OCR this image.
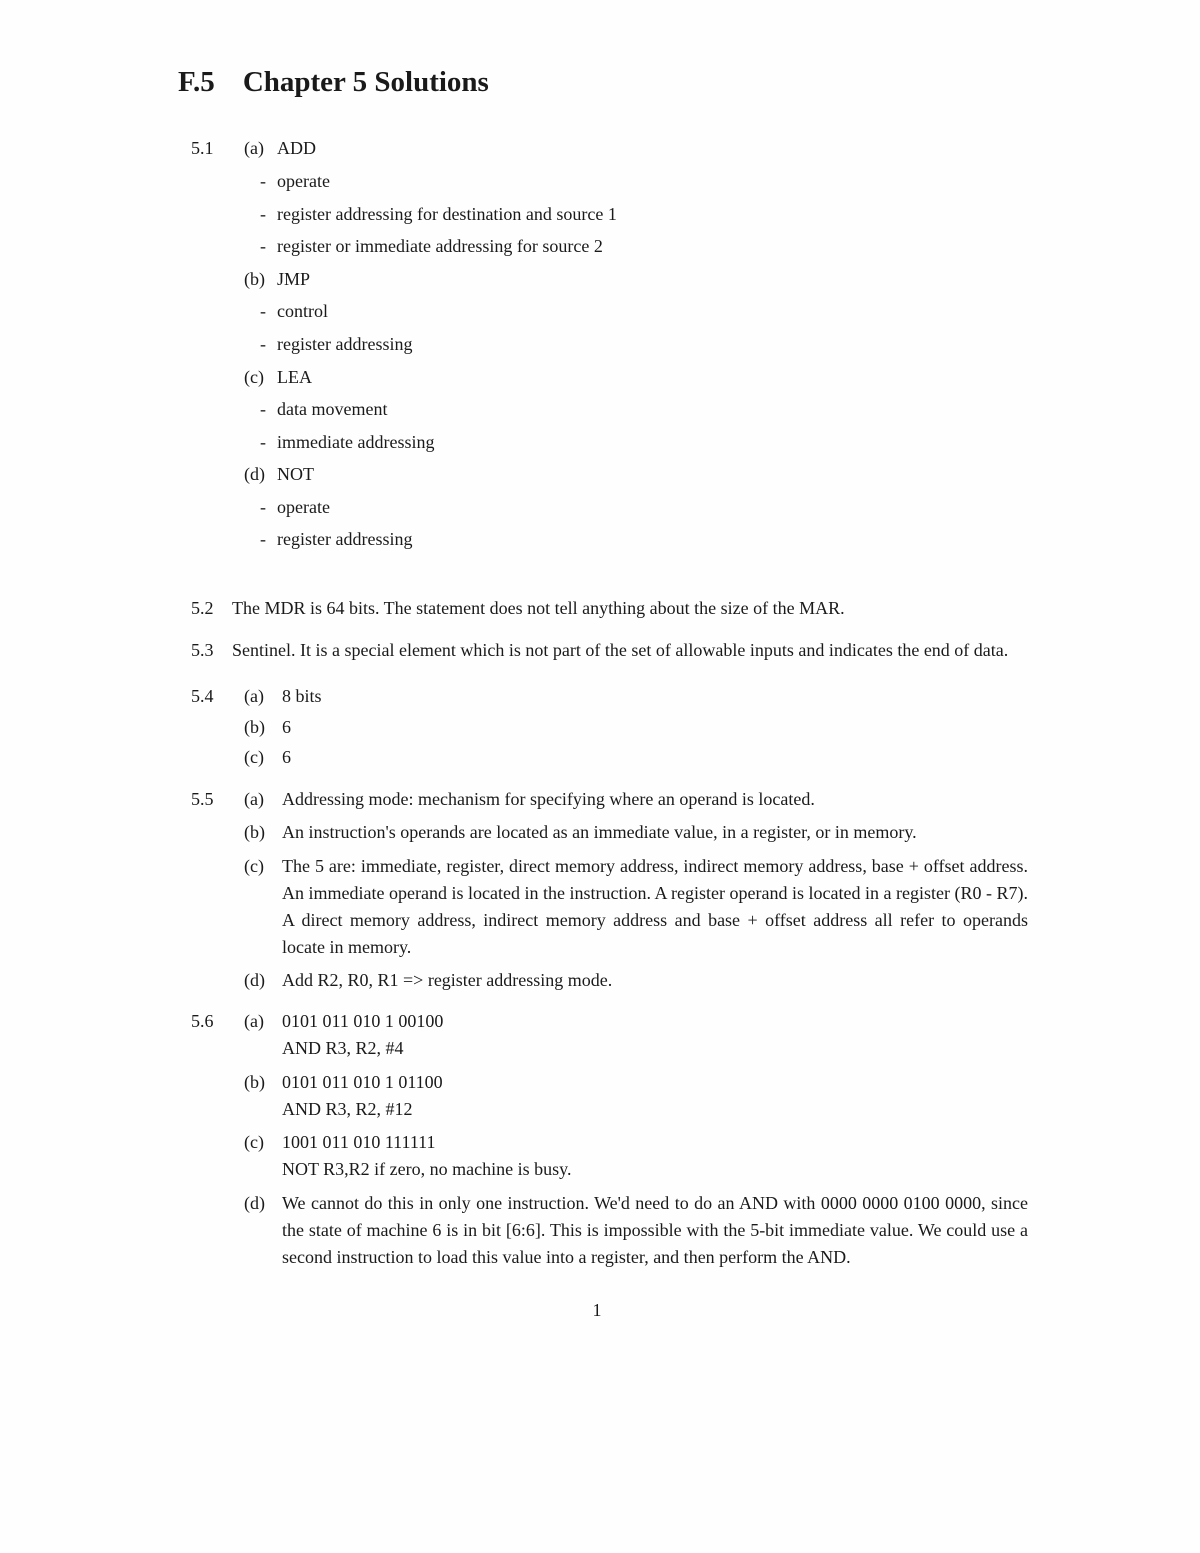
F.5 Chapter 5 Solutions
5.1	(a) ADD
- operate
- register addressing for destination and source 1
- register or immediate addressing for source 2
(b) JMP
- control
- register addressing
(c) LEA
- data movement
- immediate addressing
(d) NOT
- operate
- register addressing
5.2	The MDR is 64 bits. The statement does not tell anything about the size of the MAR.
5.3	Sentinel. It is a special element which is not part of the set of allowable inputs and indicates the end of data.
5.4	(a)	8 bits
(b) 6
(c)	6
5.5	(a)	Addressing mode: mechanism for specifying where an operand is located.
(b) An instruction's operands are located as an immediate value, in a register, or in memory.
(c)	The 5 are: immediate, register, direct memory address, indirect memory address, base + offset address. An immediate operand is located in the instruction. A register operand is located in a register (R0 - R7). A direct memory address, indirect memory address and base + offset address all refer to operands locate in memory.
(d) Add R2, R0, R1 => register addressing mode.
5.6	(a)	0101 011 010 1 00100
AND R3, R2, #4
(b) 0101 011 010 1 01100
AND R3, R2, #12
(c)	1001 011 010 111111
NOT R3,R2 if zero, no machine is busy.
(d) We cannot do this in only one instruction. We'd need to do an AND with 0000 0000 0100 0000, since the state of machine 6 is in bit [6:6]. This is impossible with the 5-bit immediate value. We could use a second instruction to load this value into a register, and then perform the AND.
1
